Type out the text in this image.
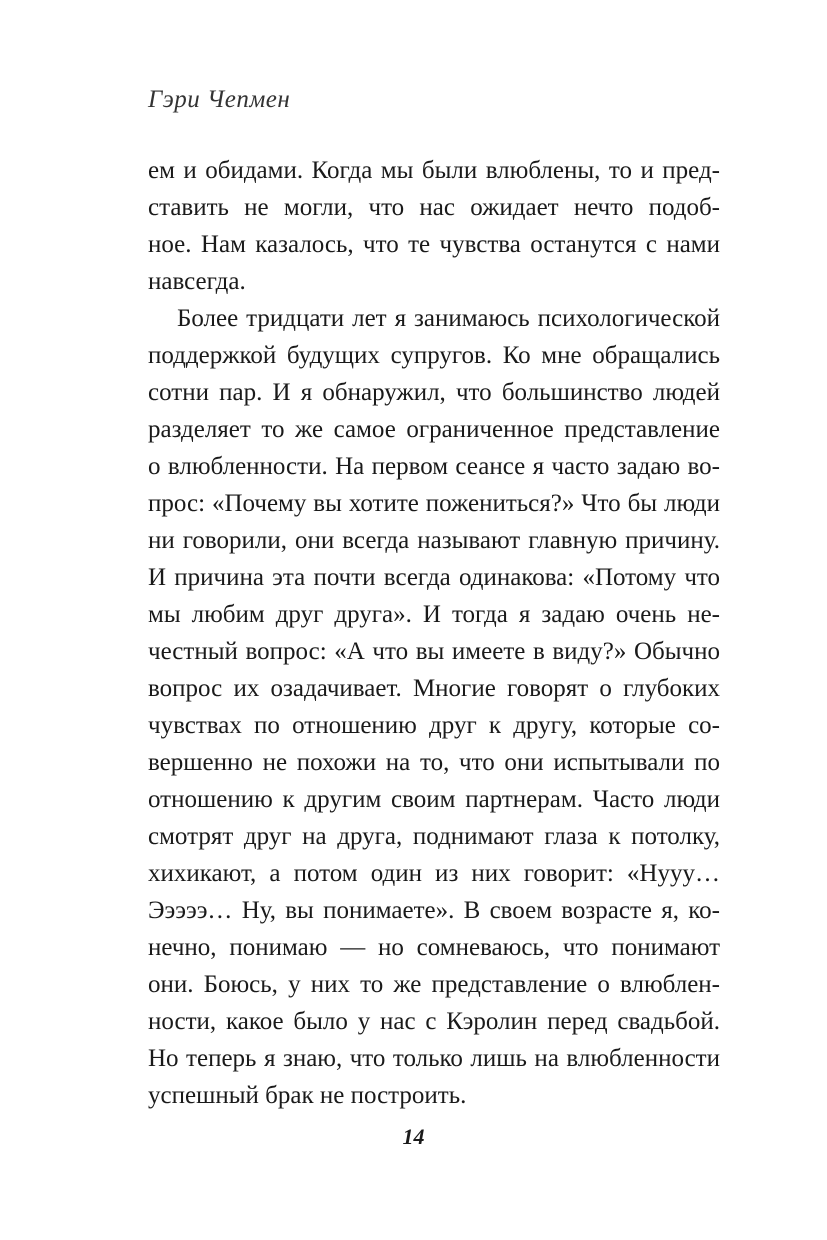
Гэри Чепмен
ем и обидами. Когда мы были влюблены, то и пред-
ставить не могли, что нас ожидает нечто подоб-
ное. Нам казалось, что те чувства останутся с нами
навсегда.
Более тридцати лет я занимаюсь психологической
поддержкой будущих супругов. Ко мне обращались
сотни пар. И я обнаружил, что большинство людей
разделяет то же самое ограниченное представление
о влюбленности. На первом сеансе я часто задаю во-
прос: «Почему вы хотите пожениться?» Что бы люди
ни говорили, они всегда называют главную причину.
И причина эта почти всегда одинакова: «Потому что
мы любим друг друга». И тогда я задаю очень не-
честный вопрос: «А что вы имеете в виду?» Обычно
вопрос их озадачивает. Многие говорят о глубоких
чувствах по отношению друг к другу, которые со-
вершенно не похожи на то, что они испытывали по
отношению к другим своим партнерам. Часто люди
смотрят друг на друга, поднимают глаза к потолку,
хихикают, а потом один из них говорит: «Нууу…
Эээээ… Ну, вы понимаете». В своем возрасте я, ко-
нечно, понимаю — но сомневаюсь, что понимают
они. Боюсь, у них то же представление о влюблен-
ности, какое было у нас с Кэролин перед свадьбой.
Но теперь я знаю, что только лишь на влюбленности
успешный брак не построить.
14
